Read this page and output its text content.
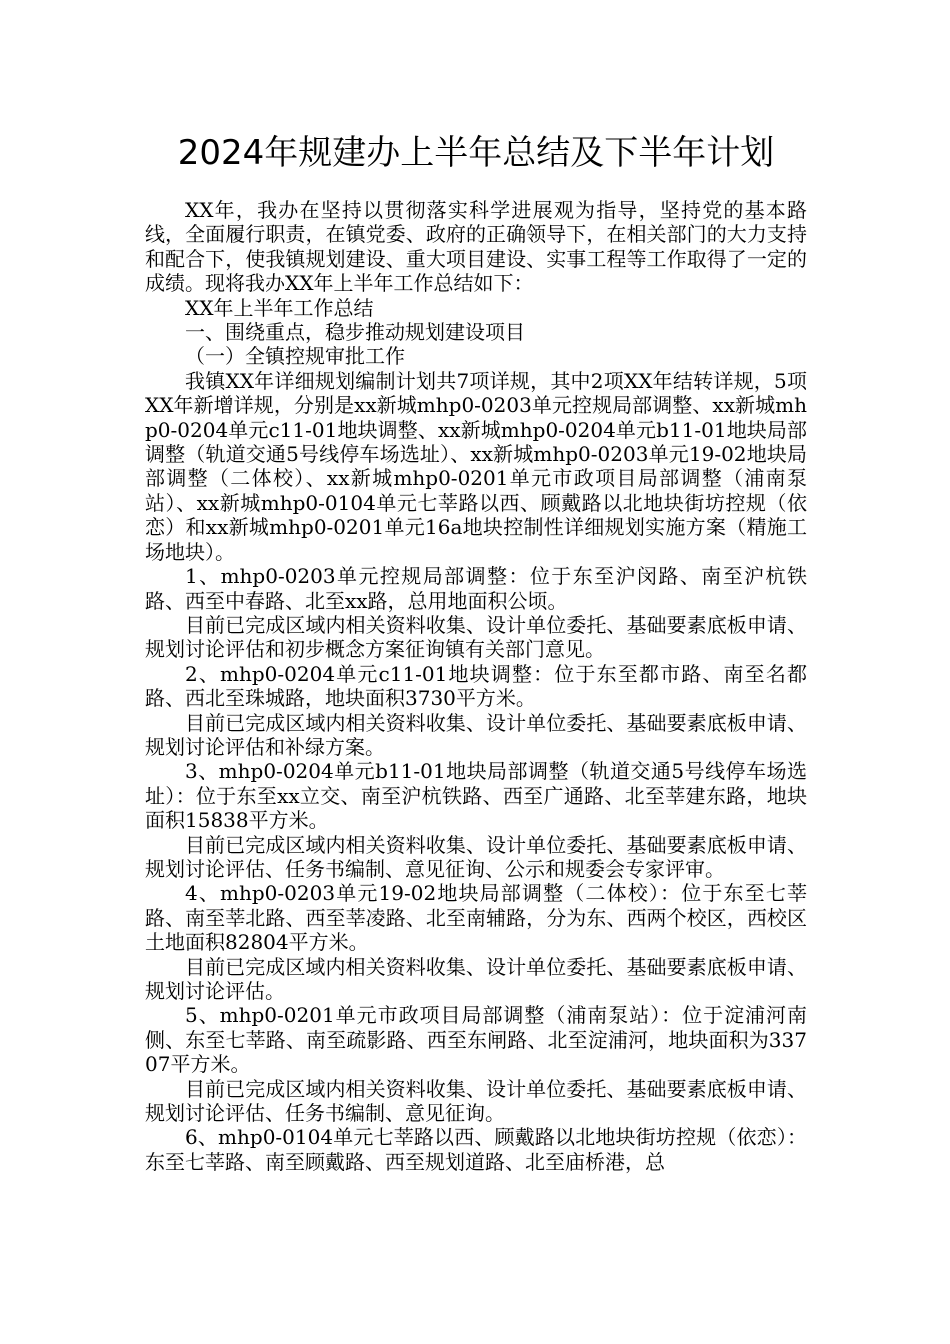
2024年规建办上半年总结及下半年计划

XX年，我办在坚持以贯彻落实科学进展观为指导，坚持党的基本路线，全面履行职责，在镇党委、政府的正确领导下，在相关部门的大力支持和配合下，使我镇规划建设、重大项目建设、实事工程等工作取得了一定的成绩。现将我办XX年上半年工作总结如下：

XX年上半年工作总结

一、围绕重点，稳步推动规划建设项目

（一）全镇控规审批工作

我镇XX年详细规划编制计划共7项详规，其中2项XX年结转详规，5项XX年新增详规，分别是xx新城mhp0-0203单元控规局部调整、xx新城mhp0-0204单元c11-01地块调整、xx新城mhp0-0204单元b11-01地块局部调整（轨道交通5号线停车场选址）、xx新城mhp0-0203单元19-02地块局部调整（二体校）、xx新城mhp0-0201单元市政项目局部调整（浦南泵站）、xx新城mhp0-0104单元七莘路以西、顾戴路以北地块街坊控规（依恋）和xx新城mhp0-0201单元16a地块控制性详细规划实施方案（精施工场地块）。

1、mhp0-0203单元控规局部调整：位于东至沪闵路、南至沪杭铁路、西至中春路、北至xx路，总用地面积公顷。

目前已完成区域内相关资料收集、设计单位委托、基础要素底板申请、规划讨论评估和初步概念方案征询镇有关部门意见。

2、mhp0-0204单元c11-01地块调整：位于东至都市路、南至名都路、西北至珠城路，地块面积3730平方米。

目前已完成区域内相关资料收集、设计单位委托、基础要素底板申请、规划讨论评估和补绿方案。

3、mhp0-0204单元b11-01地块局部调整（轨道交通5号线停车场选址）：位于东至xx立交、南至沪杭铁路、西至广通路、北至莘建东路，地块面积15838平方米。

目前已完成区域内相关资料收集、设计单位委托、基础要素底板申请、规划讨论评估、任务书编制、意见征询、公示和规委会专家评审。

4、mhp0-0203单元19-02地块局部调整（二体校）：位于东至七莘路、南至莘北路、西至莘凌路、北至南辅路，分为东、西两个校区，西校区土地面积82804平方米。

目前已完成区域内相关资料收集、设计单位委托、基础要素底板申请、规划讨论评估。

5、mhp0-0201单元市政项目局部调整（浦南泵站）：位于淀浦河南侧、东至七莘路、南至疏影路、西至东闸路、北至淀浦河，地块面积为33707平方米。

目前已完成区域内相关资料收集、设计单位委托、基础要素底板申请、规划讨论评估、任务书编制、意见征询。

6、mhp0-0104单元七莘路以西、顾戴路以北地块街坊控规（依恋）：东至七莘路、南至顾戴路、西至规划道路、北至庙桥港，总
